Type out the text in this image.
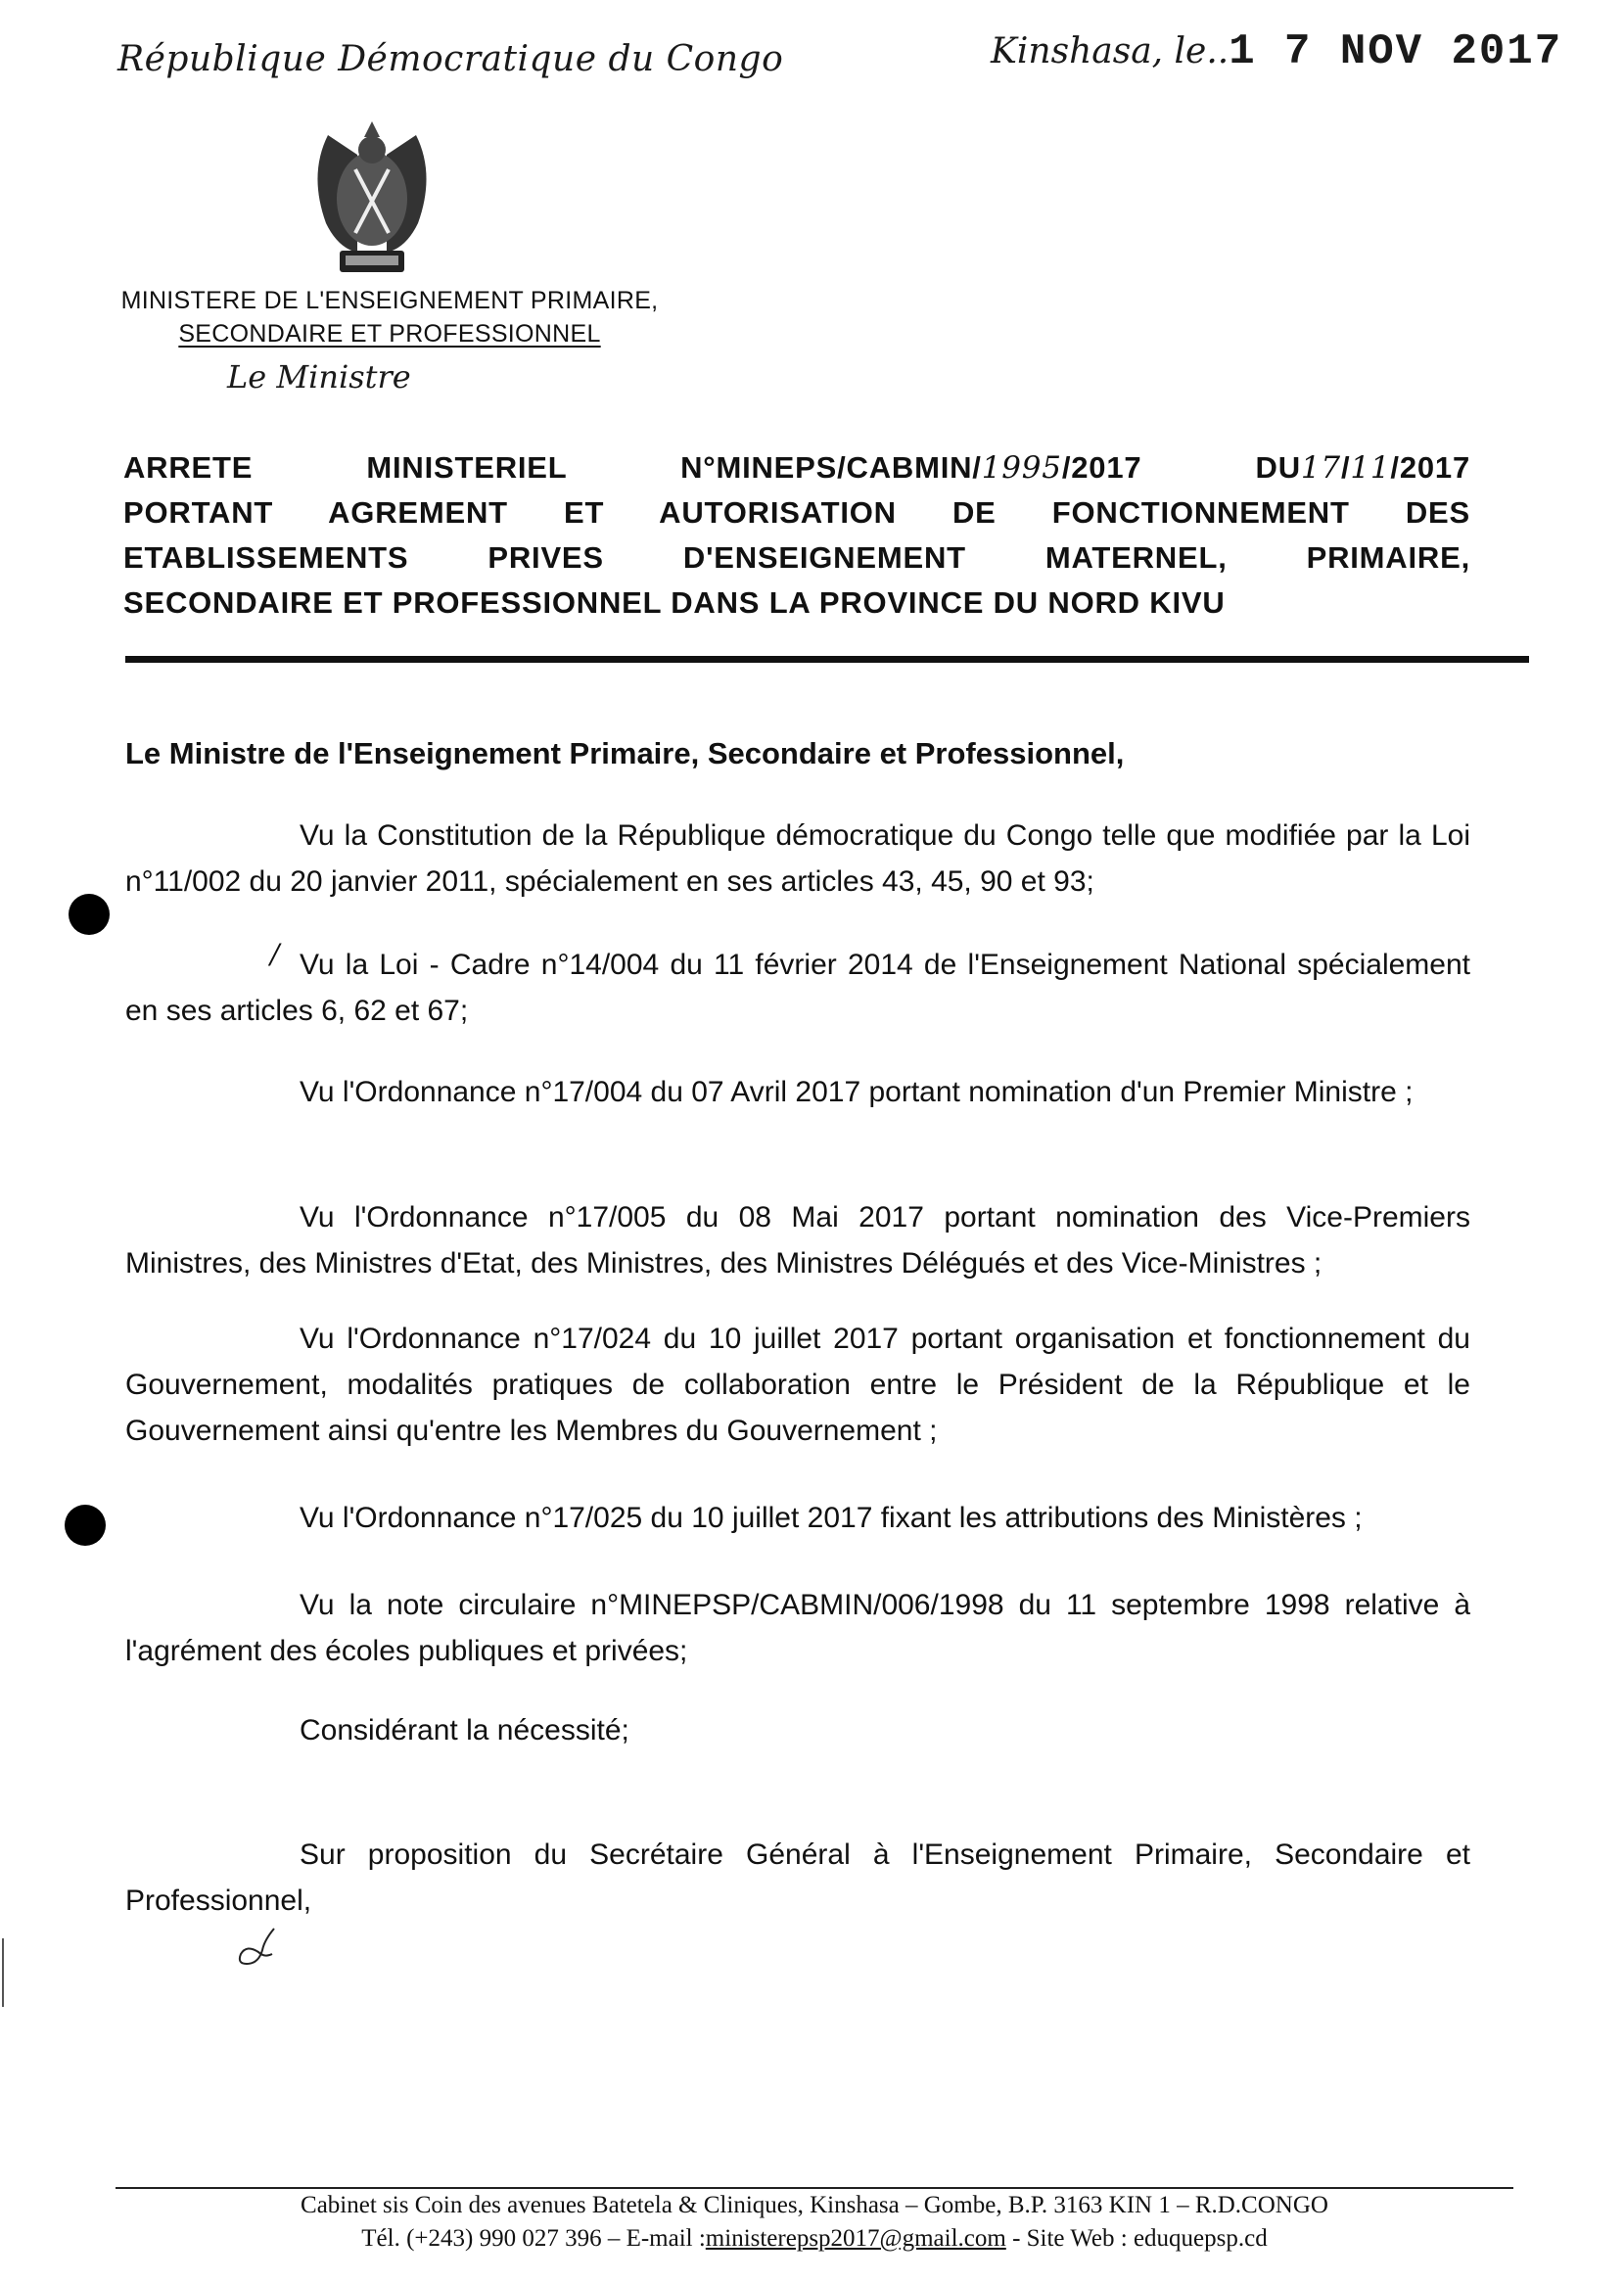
République Démocratique du Congo	Kinshasa, le..1 7 NOV 2017
MINISTERE DE L'ENSEIGNEMENT PRIMAIRE,
SECONDAIRE ET PROFESSIONNEL
Le Ministre
ARRETE MINISTERIEL N°MINEPS/CABMIN/1995/2017 DU17/11/2017
PORTANT AGREMENT ET AUTORISATION DE FONCTIONNEMENT DES
ETABLISSEMENTS PRIVES D'ENSEIGNEMENT MATERNEL, PRIMAIRE,
SECONDAIRE ET PROFESSIONNEL DANS LA PROVINCE DU NORD KIVU
Le Ministre de l'Enseignement Primaire, Secondaire et Professionnel,

Vu la Constitution de la République démocratique du Congo telle que modifiée par la Loi n°11/002 du 20 janvier 2011, spécialement en ses articles 43, 45, 90 et 93;

/ Vu la Loi - Cadre n°14/004 du 11 février 2014 de l'Enseignement National spécialement en ses articles 6, 62 et 67;

Vu l'Ordonnance n°17/004 du 07 Avril 2017 portant nomination d'un Premier Ministre ;

Vu l'Ordonnance n°17/005 du 08 Mai 2017 portant nomination des Vice-Premiers Ministres, des Ministres d'Etat, des Ministres, des Ministres Délégués et des Vice-Ministres ;

Vu l'Ordonnance n°17/024 du 10 juillet 2017 portant organisation et fonctionnement du Gouvernement, modalités pratiques de collaboration entre le Président de la République et le Gouvernement ainsi qu'entre les Membres du Gouvernement ;

Vu l'Ordonnance n°17/025 du 10 juillet 2017 fixant les attributions des Ministères ;

Vu la note circulaire n°MINEPSP/CABMIN/006/1998 du 11 septembre 1998 relative à l'agrément des écoles publiques et privées;

Considérant la nécessité;

Sur proposition du Secrétaire Général à l'Enseignement Primaire, Secondaire et Professionnel,

Cabinet sis Coin des avenues Batetela & Cliniques, Kinshasa – Gombe, B.P. 3163 KIN 1 – R.D.CONGO
Tél. (+243) 990 027 396 – E-mail :ministerepsp2017@gmail.com - Site Web : eduquepsp.cd
